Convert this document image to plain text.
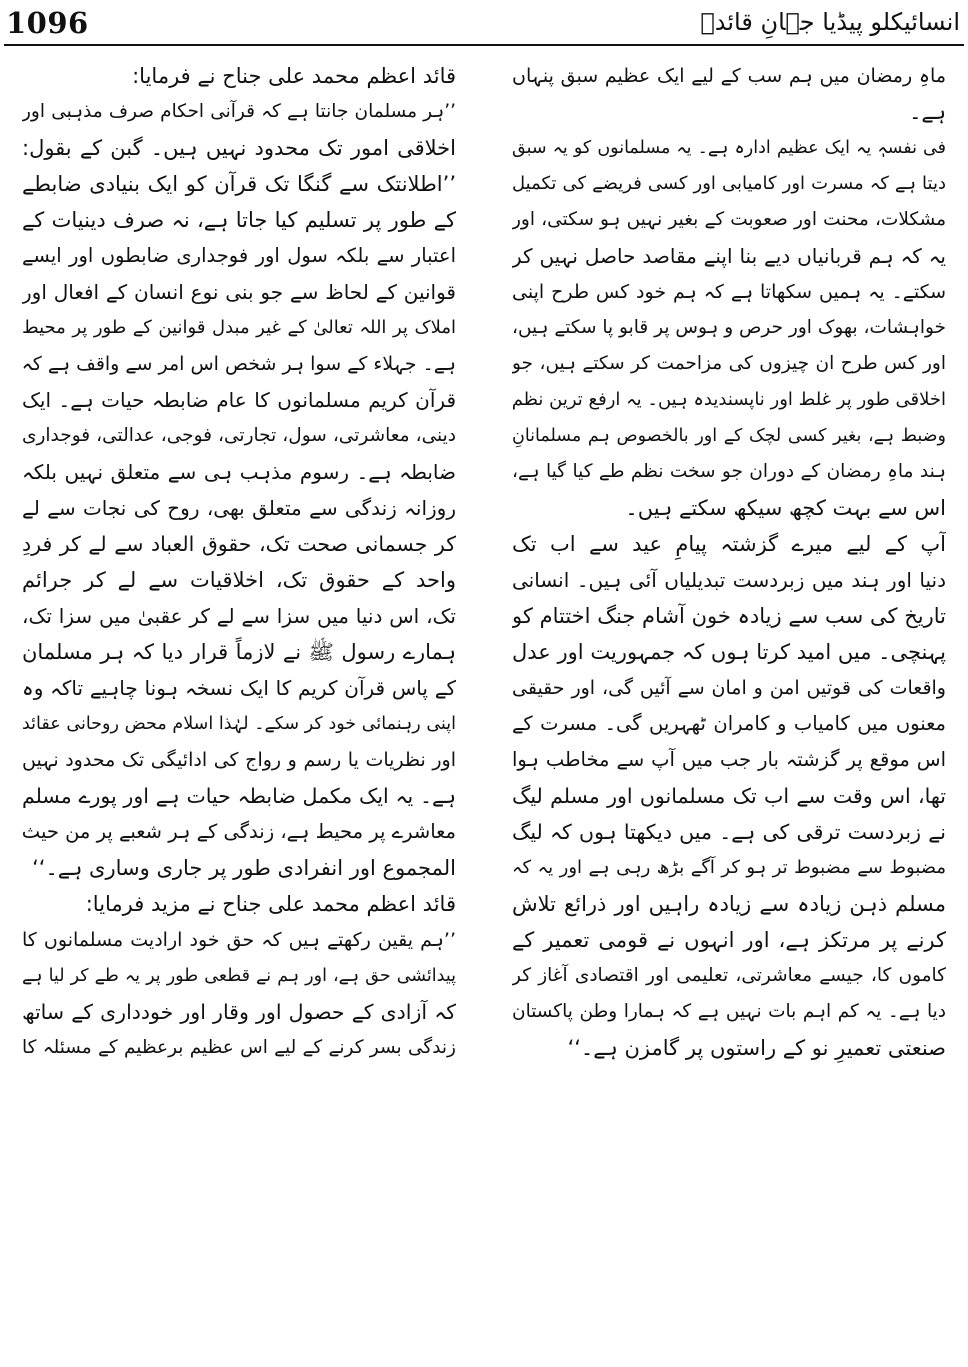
1096	انسائیکلو پیڈیا جہانِ قائدؒ
ماہِ رمضان میں ہم سب کے لیے ایک عظیم سبق پنہاں
ہے۔
فی نفسہٖ یہ ایک عظیم ادارہ ہے۔ یہ مسلمانوں کو یہ سبق
دیتا ہے کہ مسرت اور کامیابی اور کسی فریضے کی تکمیل
مشکلات، محنت اور صعوبت کے بغیر نہیں ہو سکتی، اور
یہ کہ ہم قربانیاں دیے بنا اپنے مقاصد حاصل نہیں کر
سکتے۔ یہ ہمیں سکھاتا ہے کہ ہم خود کس طرح اپنی
خواہشات، بھوک اور حرص و ہوس پر قابو پا سکتے ہیں،
اور کس طرح ان چیزوں کی مزاحمت کر سکتے ہیں، جو
اخلاقی طور پر غلط اور ناپسندیدہ ہیں۔ یہ ارفع ترین نظم
وضبط ہے، بغیر کسی لچک کے اور بالخصوص ہم مسلمانانِ
ہند ماہِ رمضان کے دوران جو سخت نظم طے کیا گیا ہے،
اس سے بہت کچھ سیکھ سکتے ہیں۔
آپ کے لیے میرے گزشتہ پیامِ عید سے اب تک
دنیا اور ہند میں زبردست تبدیلیاں آئی ہیں۔ انسانی
تاریخ کی سب سے زیادہ خون آشام جنگ اختتام کو
پہنچی۔ میں امید کرتا ہوں کہ جمہوریت اور عدل
واقعات کی قوتیں امن و امان سے آئیں گی، اور حقیقی
معنوں میں کامیاب و کامران ٹھہریں گی۔ مسرت کے
اس موقع پر گزشتہ بار جب میں آپ سے مخاطب ہوا
تھا، اس وقت سے اب تک مسلمانوں اور مسلم لیگ
نے زبردست ترقی کی ہے۔ میں دیکھتا ہوں کہ لیگ
مضبوط سے مضبوط تر ہو کر آگے بڑھ رہی ہے اور یہ کہ
مسلم ذہن زیادہ سے زیادہ راہیں اور ذرائع تلاش
کرنے پر مرتکز ہے، اور انہوں نے قومی تعمیر کے
کاموں کا، جیسے معاشرتی، تعلیمی اور اقتصادی آغاز کر
دیا ہے۔ یہ کم اہم بات نہیں ہے کہ ہمارا وطن پاکستان
صنعتی تعمیرِ نو کے راستوں پر گامزن ہے۔‘‘
قائد اعظم محمد علی جناح نے فرمایا:
’’ہر مسلمان جانتا ہے کہ قرآنی احکام صرف مذہبی اور
اخلاقی امور تک محدود نہیں ہیں۔ گبن کے بقول:
’’اطلانتک سے گنگا تک قرآن کو ایک بنیادی ضابطے
کے طور پر تسلیم کیا جاتا ہے، نہ صرف دینیات کے
اعتبار سے بلکہ سول اور فوجداری ضابطوں اور ایسے
قوانین کے لحاظ سے جو بنی نوع انسان کے افعال اور
املاک پر اللہ تعالیٰ کے غیر مبدل قوانین کے طور پر محیط
ہے۔ جہلاء کے سوا ہر شخص اس امر سے واقف ہے کہ
قرآن کریم مسلمانوں کا عام ضابطہ حیات ہے۔ ایک
دینی، معاشرتی، سول، تجارتی، فوجی، عدالتی، فوجداری
ضابطہ ہے۔ رسوم مذہب ہی سے متعلق نہیں بلکہ
روزانہ زندگی سے متعلق بھی، روح کی نجات سے لے
کر جسمانی صحت تک، حقوق العباد سے لے کر فردِ
واحد کے حقوق تک، اخلاقیات سے لے کر جرائم
تک، اس دنیا میں سزا سے لے کر عقبیٰ میں سزا تک،
ہمارے رسول ﷺ نے لازماً قرار دیا کہ ہر مسلمان
کے پاس قرآن کریم کا ایک نسخہ ہونا چاہیے تاکہ وہ
اپنی رہنمائی خود کر سکے۔ لہٰذا اسلام محض روحانی عقائد
اور نظریات یا رسم و رواج کی ادائیگی تک محدود نہیں
ہے۔ یہ ایک مکمل ضابطہ حیات ہے اور پورے مسلم
معاشرے پر محیط ہے، زندگی کے ہر شعبے پر من حیث
المجموع اور انفرادی طور پر جاری وساری ہے۔‘‘
قائد اعظم محمد علی جناح نے مزید فرمایا:
’’ہم یقین رکھتے ہیں کہ حق خود ارادیت مسلمانوں کا
پیدائشی حق ہے، اور ہم نے قطعی طور پر یہ طے کر لیا ہے
کہ آزادی کے حصول اور وقار اور خودداری کے ساتھ
زندگی بسر کرنے کے لیے اس عظیم برعظیم کے مسئلہ کا
